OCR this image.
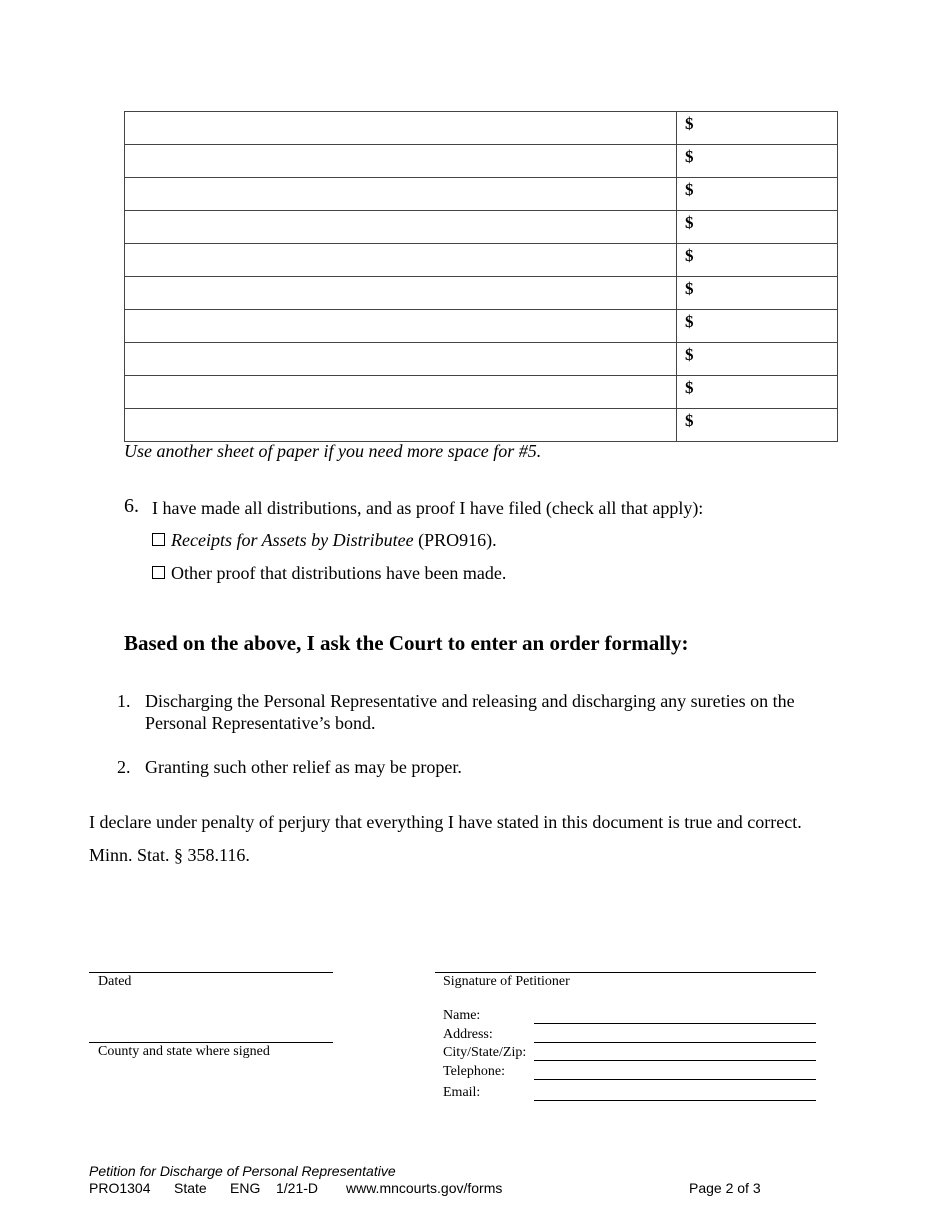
	$
	$
	$
	$
	$
	$
	$
	$
	$
	$
Use another sheet of paper if you need more space for #5.
6. I have made all distributions, and as proof I have filed (check all that apply):
Receipts for Assets by Distributee (PRO916).
Other proof that distributions have been made.
Based on the above, I ask the Court to enter an order formally:
1. Discharging the Personal Representative and releasing and discharging any sureties on the Personal Representative’s bond.
2. Granting such other relief as may be proper.
I declare under penalty of perjury that everything I have stated in this document is true and correct.
Minn. Stat. § 358.116.
Dated
County and state where signed
Signature of Petitioner
Name:
Address:
City/State/Zip:
Telephone:
Email:
Petition for Discharge of Personal Representative
PRO1304 State ENG 1/21-D www.mncourts.gov/forms	Page 2 of 3
